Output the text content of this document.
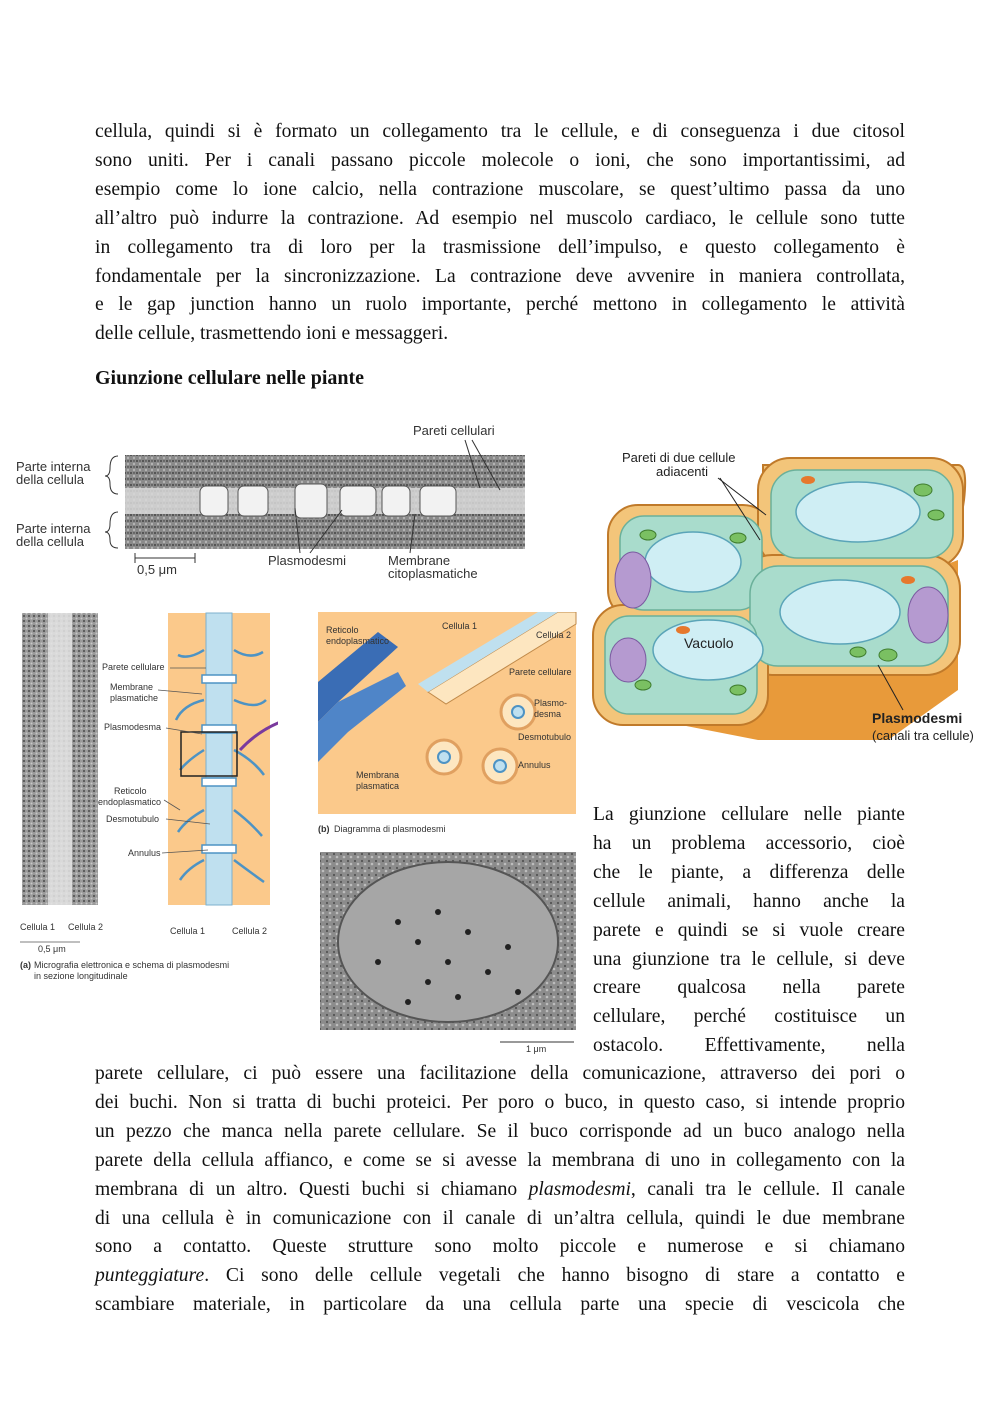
cellula, quindi si è formato un collegamento tra le cellule, e di conseguenza i due citosol
sono uniti. Per i canali passano piccole molecole o ioni, che sono importantissimi, ad
esempio come lo ione calcio, nella contrazione muscolare, se quest’ultimo passa da uno
all’altro può indurre la contrazione. Ad esempio nel muscolo cardiaco, le cellule sono tutte
in collegamento tra di loro per la trasmissione dell’impulso, e questo collegamento è
fondamentale per la sincronizzazione. La contrazione deve avvenire in maniera controllata,
e le gap junction hanno un ruolo importante, perché mettono in collegamento le attività
delle cellule, trasmettendo ioni e messaggeri.
Giunzione cellulare nelle piante
Pareti cellulari
Parte interna
della cellula
Parte interna
della cellula
0,5 μm
Plasmodesmi	Membrane
citoplasmatiche
Pareti di due cellule
adiacenti
Vacuolo
Plasmodesmi
(canali tra cellule)
Parete cellulare
Membrane
plasmatiche
Plasmodesma
Reticolo
endoplasmatico
Desmotubulo
Annulus
Cellula 1 Cellula 2	Cellula 1	Cellula 2
0,5 μm
(a) Micrografia elettronica e schema di plasmodesmi
in sezione longitudinale
Reticolo
endoplasmatico
Cellula 1
Cellula 2
Parete cellulare
Plasmo-
desma
Desmotubulo
Annulus
Membrana
plasmatica
(b) Diagramma di plasmodesmi
1 μm
La giunzione cellulare nelle piante
ha un problema accessorio, cioè
che le piante, a differenza delle
cellule animali, hanno anche la
parete e quindi se si vuole creare
una giunzione tra le cellule, si deve
creare qualcosa nella parete
cellulare, perché costituisce un
ostacolo. Effettivamente, nella
parete cellulare, ci può essere una facilitazione della comunicazione, attraverso dei pori o
dei buchi. Non si tratta di buchi proteici. Per poro o buco, in questo caso, si intende proprio
un pezzo che manca nella parete cellulare. Se il buco corrisponde ad un buco analogo nella
parete della cellula affianco, e come se si avesse la membrana di uno in collegamento con la
membrana di un altro. Questi buchi si chiamano plasmodesmi, canali tra le cellule. Il canale
di una cellula è in comunicazione con il canale di un’altra cellula, quindi le due membrane
sono a contatto. Queste strutture sono molto piccole e numerose e si chiamano
punteggiature. Ci sono delle cellule vegetali che hanno bisogno di stare a contatto e
scambiare materiale, in particolare da una cellula parte una specie di vescicola che
